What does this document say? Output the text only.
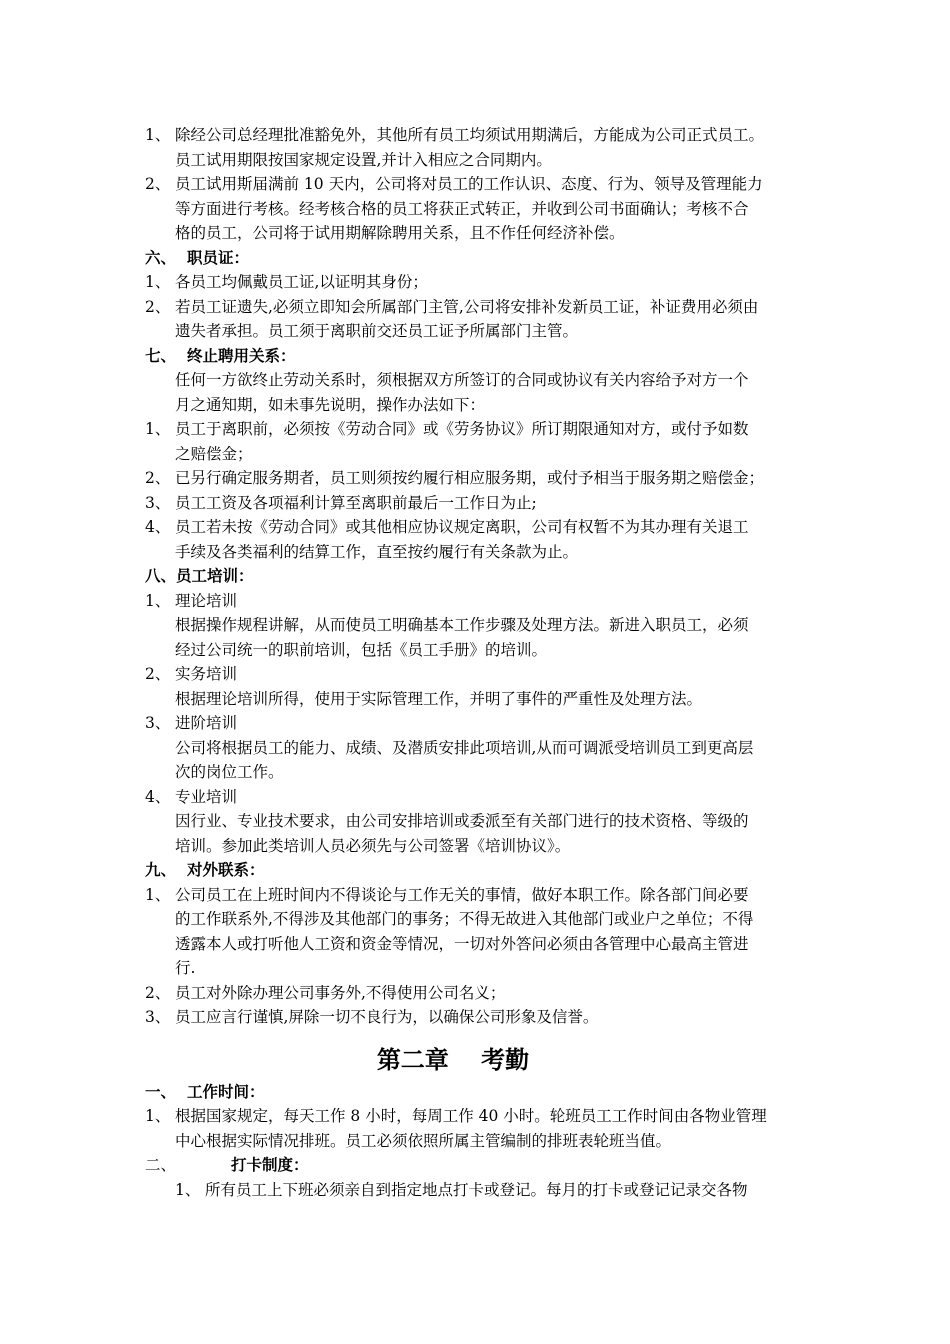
1、 除经公司总经理批准豁免外，其他所有员工均须试用期满后，方能成为公司正式员工。
员工试用期限按国家规定设置,并计入相应之合同期内。
2、 员工试用斯届满前 10 天内，公司将对员工的工作认识、态度、行为、领导及管理能力
等方面进行考核。经考核合格的员工将获正式转正，并收到公司书面确认；考核不合
格的员工，公司将于试用期解除聘用关系，且不作任何经济补偿。
六、 职员证：
1、 各员工均佩戴员工证,以证明其身份；
2、 若员工证遗失,必须立即知会所属部门主管,公司将安排补发新员工证，补证费用必须由
遗失者承担。员工须于离职前交还员工证予所属部门主管。
七、 终止聘用关系：
任何一方欲终止劳动关系时，须根据双方所签订的合同或协议有关内容给予对方一个
月之通知期，如未事先说明，操作办法如下：
1、 员工于离职前，必须按《劳动合同》或《劳务协议》所订期限通知对方，或付予如数
之赔偿金；
2、 已另行确定服务期者，员工则须按约履行相应服务期，或付予相当于服务期之赔偿金；
3、 员工工资及各项福利计算至离职前最后一工作日为止;
4、 员工若未按《劳动合同》或其他相应协议规定离职，公司有权暂不为其办理有关退工
手续及各类福利的结算工作，直至按约履行有关条款为止。
八、员工培训：
1、 理论培训
根据操作规程讲解，从而使员工明确基本工作步骤及处理方法。新进入职员工，必须
经过公司统一的职前培训，包括《员工手册》的培训。
2、 实务培训
根据理论培训所得，使用于实际管理工作，并明了事件的严重性及处理方法。
3、 进阶培训
公司将根据员工的能力、成绩、及潜质安排此项培训,从而可调派受培训员工到更高层
次的岗位工作。
4、 专业培训
因行业、专业技术要求，由公司安排培训或委派至有关部门进行的技术资格、等级的
培训。参加此类培训人员必须先与公司签署《培训协议》。
九、 对外联系：
1、 公司员工在上班时间内不得谈论与工作无关的事情，做好本职工作。除各部门间必要
的工作联系外,不得涉及其他部门的事务；不得无故进入其他部门或业户之单位；不得
透露本人或打听他人工资和资金等情况，一切对外答问必须由各管理中心最高主管进
行.
2、 员工对外除办理公司事务外,不得使用公司名义；
3、 员工应言行谨慎,屏除一切不良行为，以确保公司形象及信誉。
第二章　 考勤
一、 工作时间：
1、 根据国家规定，每天工作 8 小时，每周工作 40 小时。轮班员工工作时间由各物业管理
中心根据实际情况排班。员工必须依照所属主管编制的排班表轮班当值。
二、	打卡制度：
1、 所有员工上下班必须亲自到指定地点打卡或登记。每月的打卡或登记记录交各物
